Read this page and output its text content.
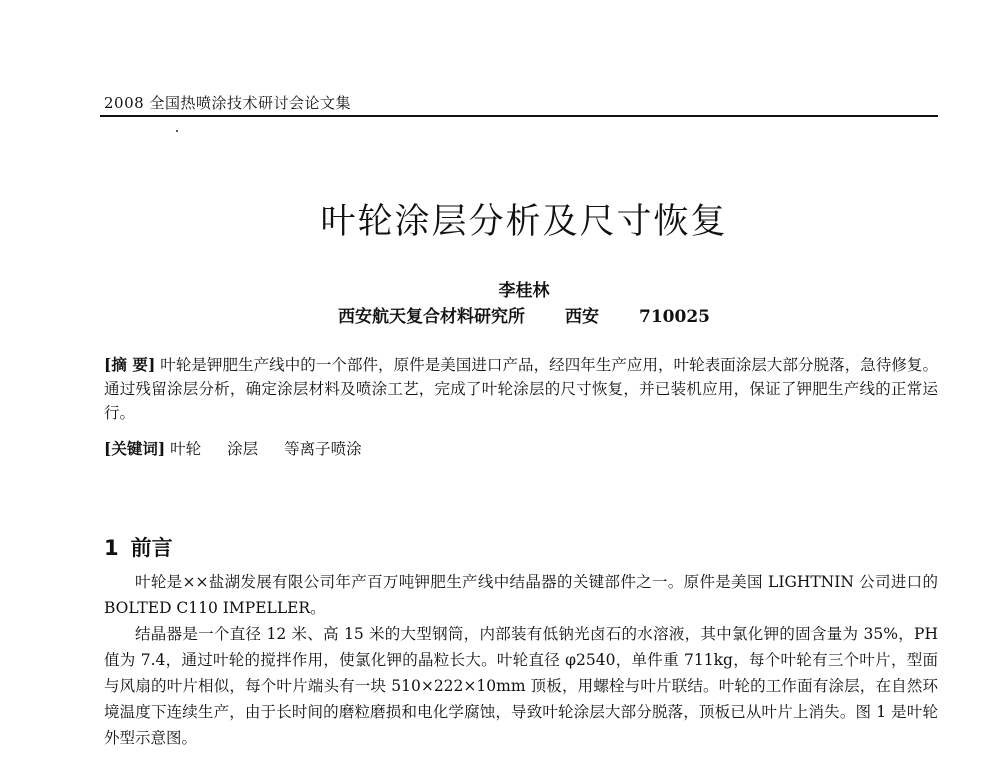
2008 全国热喷涂技术研讨会论文集
叶轮涂层分析及尺寸恢复
李桂林
西安航天复合材料研究所 西安 710025
[摘 要] 叶轮是钾肥生产线中的一个部件，原件是美国进口产品，经四年生产应用，叶轮表面涂层大部分脱落，急待修复。通过残留涂层分析，确定涂层材料及喷涂工艺，完成了叶轮涂层的尺寸恢复，并已装机应用，保证了钾肥生产线的正常运行。
[关键词] 叶轮 涂层 等离子喷涂
1 前言

叶轮是××盐湖发展有限公司年产百万吨钾肥生产线中结晶器的关键部件之一。原件是美国 LIGHTNIN 公司进口的 BOLTED C110 IMPELLER。

结晶器是一个直径 12 米、高 15 米的大型钢筒，内部装有低钠光卤石的水溶液，其中氯化钾的固含量为 35%，PH 值为 7.4，通过叶轮的搅拌作用，使氯化钾的晶粒长大。叶轮直径 φ2540，单件重 711kg，每个叶轮有三个叶片，型面与风扇的叶片相似，每个叶片端头有一块 510×222×10mm 顶板，用螺栓与叶片联结。叶轮的工作面有涂层，在自然环境温度下连续生产，由于长时间的磨粒磨损和电化学腐蚀，导致叶轮涂层大部分脱落，顶板已从叶片上消失。图 1 是叶轮外型示意图。
